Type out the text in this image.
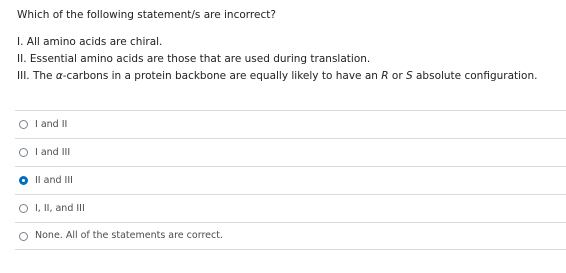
Which of the following statement/s are incorrect?

I. All amino acids are chiral.
II. Essential amino acids are those that are used during translation.
III. The α-carbons in a protein backbone are equally likely to have an R or S absolute configuration.
I and II
I and III
II and III
I, II, and III
None. All of the statements are correct.
